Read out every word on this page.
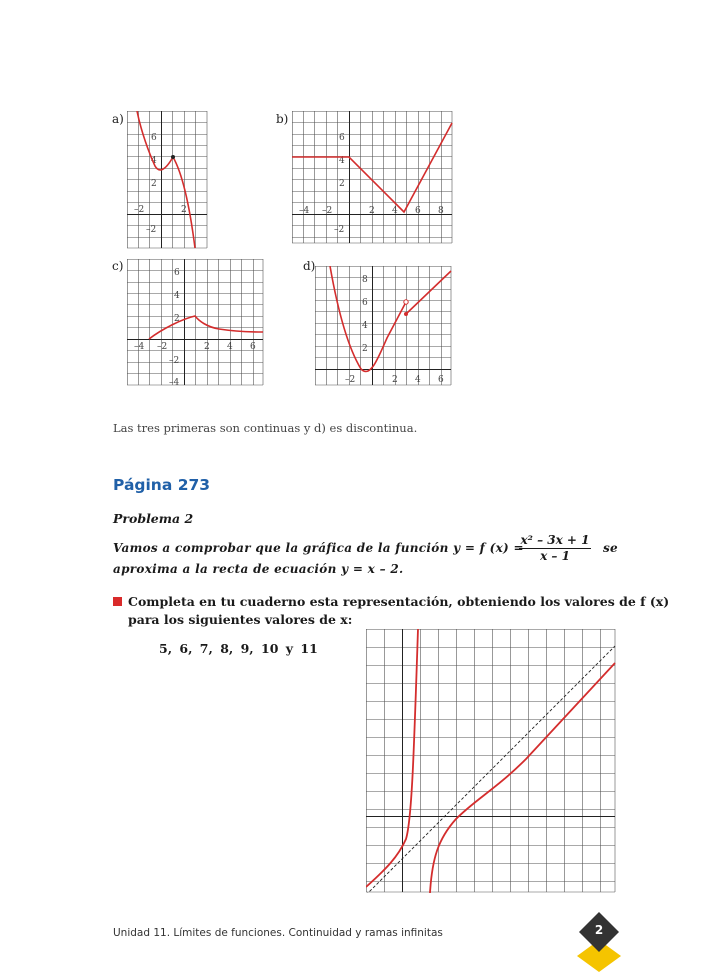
a)	b)
c)	d)
6
4
2
–2
–2	2
6
4
2
–2
–4 –2	2 4 6 8
6
4
2
–2
–4
–4 –2	2 4 6
8
6
4
2
–2	2 4 6
Las tres primeras son continuas y d) es discontinua.
Página 273
Problema 2
Vamos a comprobar que la gráfica de la función y = f (x) =
$\frac{\text{x² – 3x + 1}}{x - 1}$ se
aproxima a la recta de ecuación y = x – 2.
Completa en tu cuaderno esta representación, obteniendo los valores de f (x)
para los siguientes valores de x:
5, 6, 7, 8, 9, 10 y 11
Unidad 11. Límites de funciones. Continuidad y ramas infinitas	2
